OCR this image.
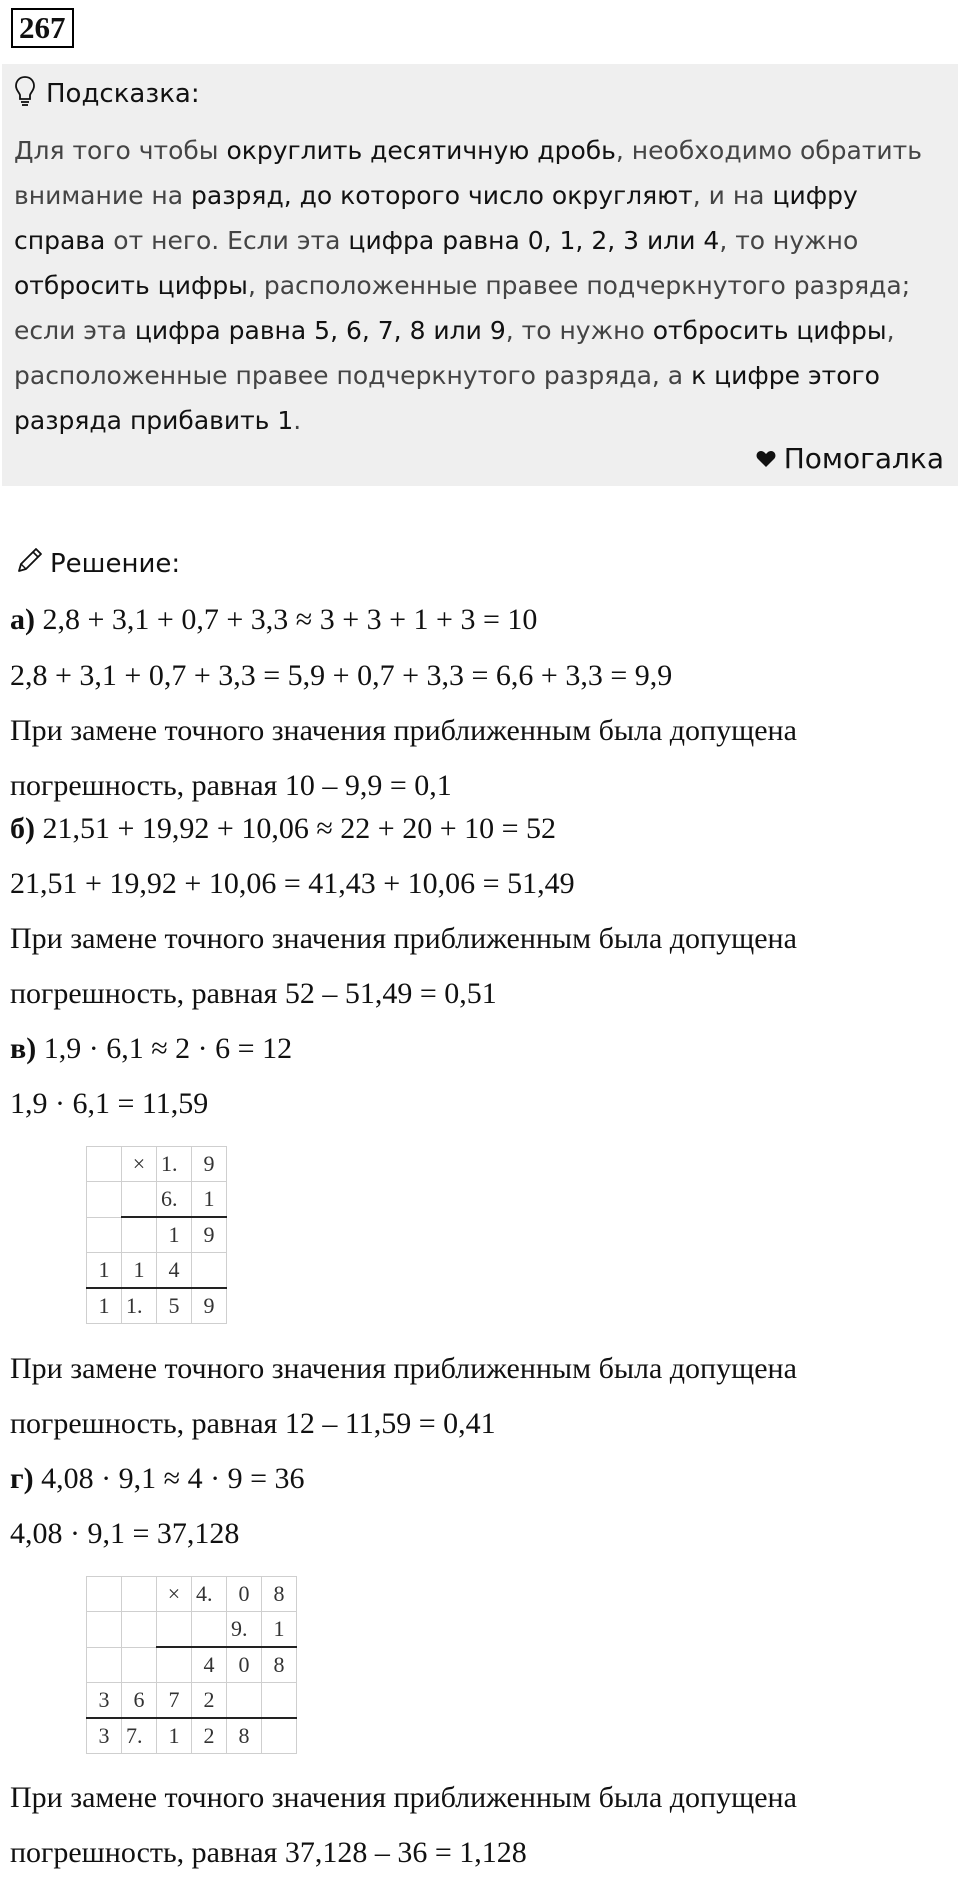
267
Подсказка:
Для того чтобы округлить десятичную дробь, необходимо обратить внимание на разряд, до которого число округляют, и на цифру справа от него. Если эта цифра равна 0, 1, 2, 3 или 4, то нужно отбросить цифры, расположенные правее подчеркнутого разряда; если эта цифра равна 5, 6, 7, 8 или 9, то нужно отбросить цифры, расположенные правее подчеркнутого разряда, а к цифре этого разряда прибавить 1.
Помогалка
Решение:
а) 2,8 + 3,1 + 0,7 + 3,3 ≈ 3 + 3 + 1 + 3 = 10
2,8 + 3,1 + 0,7 + 3,3 = 5,9 + 0,7 + 3,3 = 6,6 + 3,3 = 9,9
При замене точного значения приближенным была допущена
погрешность, равная 10 – 9,9 = 0,1
б) 21,51 + 19,92 + 10,06 ≈ 22 + 20 + 10 = 52
21,51 + 19,92 + 10,06 = 41,43 + 10,06 = 51,49
При замене точного значения приближенным была допущена
погрешность, равная 52 – 51,49 = 0,51
в) 1,9 · 6,1 ≈ 2 · 6 = 12
1,9 · 6,1 = 11,59
	×	1.	9
		6.	1
		1	9
1	1	4	
1	1.	5	9
При замене точного значения приближенным была допущена
погрешность, равная 12 – 11,59 = 0,41
г) 4,08 · 9,1 ≈ 4 · 9 = 36
4,08 · 9,1 = 37,128
		×	4.	0	8
				9.	1
			4	0	8
3	6	7	2		
3	7.	1	2	8	
При замене точного значения приближенным была допущена
погрешность, равная 37,128 – 36 = 1,128
